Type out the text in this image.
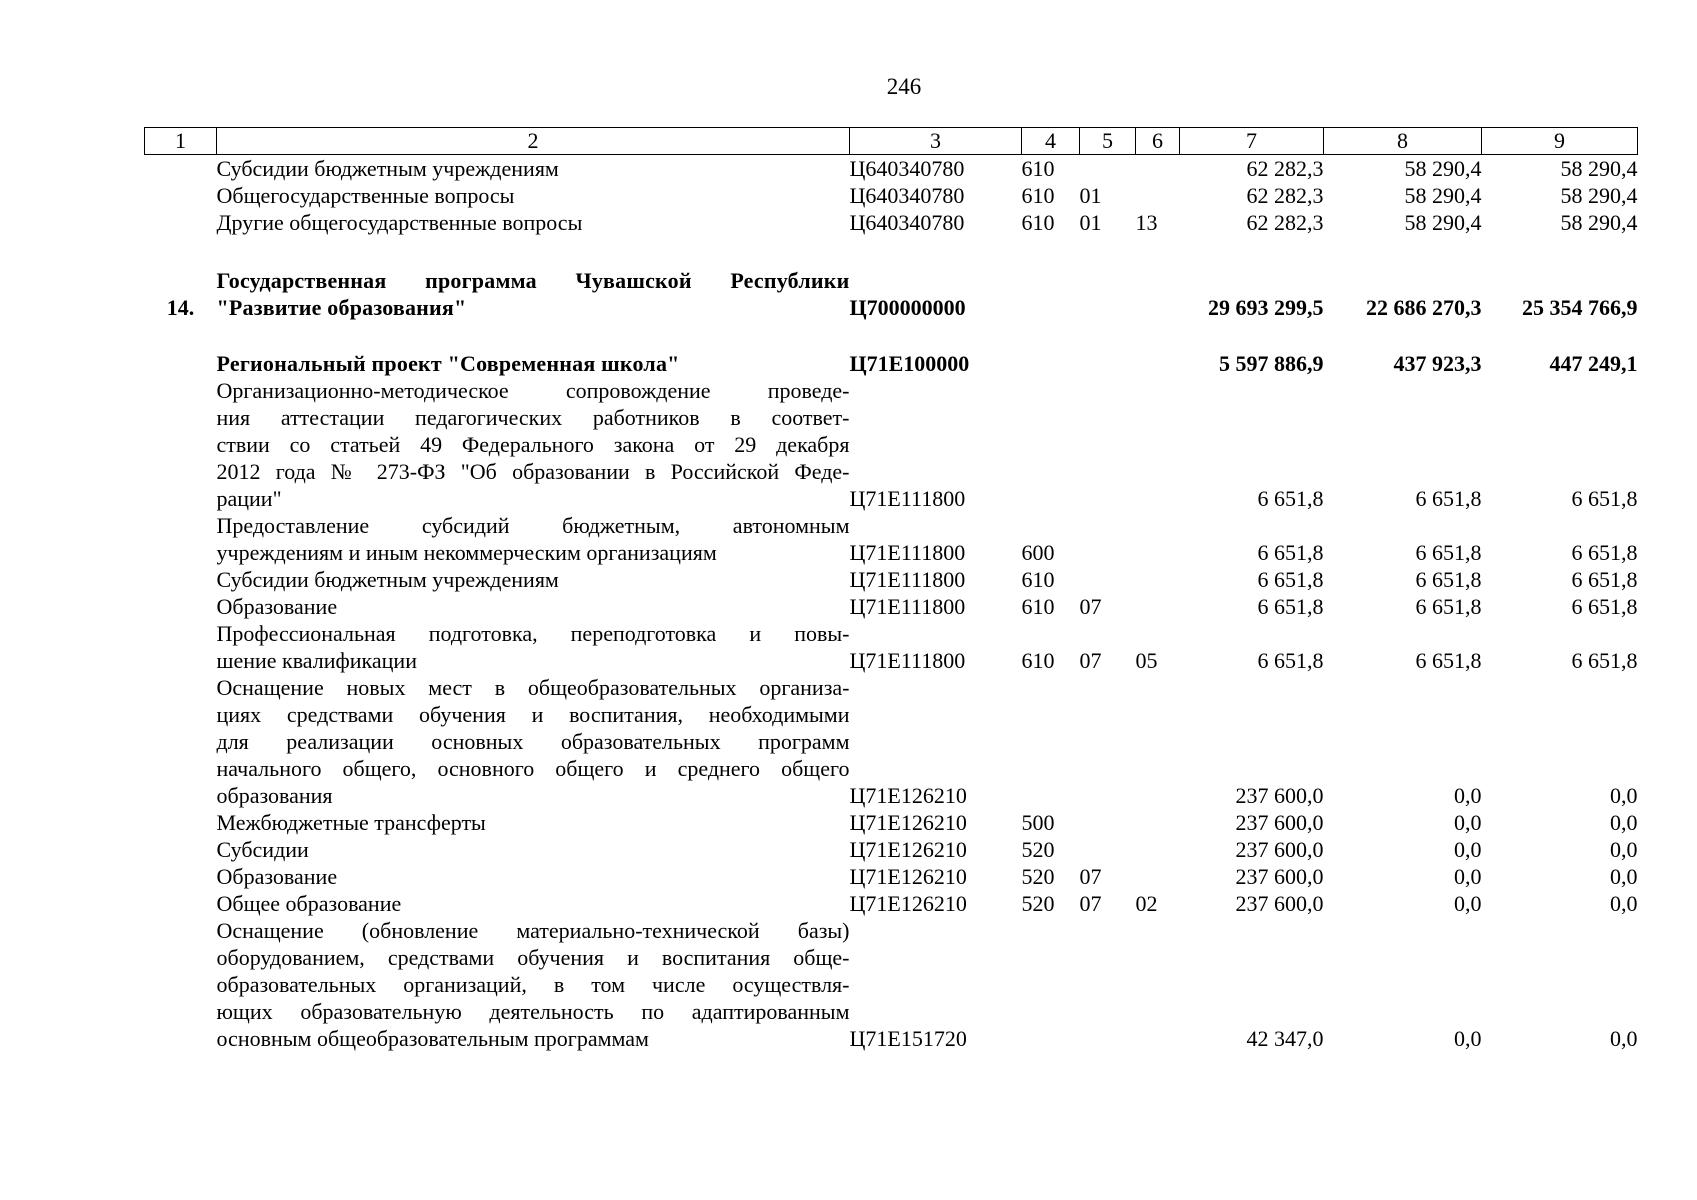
246
1	2	3	4	5	6	7	8	9
	Субсидии бюджетным учреждениям	Ц640340780	610			62 282,3	58 290,4	58 290,4
	Общегосударственные вопросы	Ц640340780	610	01		62 282,3	58 290,4	58 290,4
	Другие общегосударственные вопросы	Ц640340780	610	01	13	62 282,3	58 290,4	58 290,4

14.	Государственная программа Чувашской Республики
"Развитие образования"	Ц700000000				29 693 299,5	22 686 270,3	25 354 766,9

	Региональный проект "Современная школа"	Ц71E100000				5 597 886,9	437 923,3	447 249,1

	Организационно-методическое сопровождение проведе-
ния аттестации педагогических работников в соответ-
ствии со статьей 49 Федерального закона от 29 декабря
2012 года № 273-ФЗ "Об образовании в Российской Феде-
рации"	Ц71E111800				6 651,8	6 651,8	6 651,8

	Предоставление субсидий бюджетным, автономным
учреждениям и иным некоммерческим организациям	Ц71E111800	600			6 651,8	6 651,8	6 651,8
	Субсидии бюджетным учреждениям	Ц71E111800	610			6 651,8	6 651,8	6 651,8
	Образование	Ц71E111800	610	07		6 651,8	6 651,8	6 651,8

	Профессиональная подготовка, переподготовка и повы-
шение квалификации	Ц71E111800	610	07	05	6 651,8	6 651,8	6 651,8

	Оснащение новых мест в общеобразовательных организа-
циях средствами обучения и воспитания, необходимыми
для реализации основных образовательных программ
начального общего, основного общего и среднего общего
образования	Ц71E126210				237 600,0	0,0	0,0
	Межбюджетные трансферты	Ц71E126210	500			237 600,0	0,0	0,0
	Субсидии	Ц71E126210	520			237 600,0	0,0	0,0
	Образование	Ц71E126210	520	07		237 600,0	0,0	0,0
	Общее образование	Ц71E126210	520	07	02	237 600,0	0,0	0,0

	Оснащение (обновление материально-технической базы)
оборудованием, средствами обучения и воспитания обще-
образовательных организаций, в том числе осуществля-
ющих образовательную деятельность по адаптированным
основным общеобразовательным программам	Ц71E151720				42 347,0	0,0	0,0
